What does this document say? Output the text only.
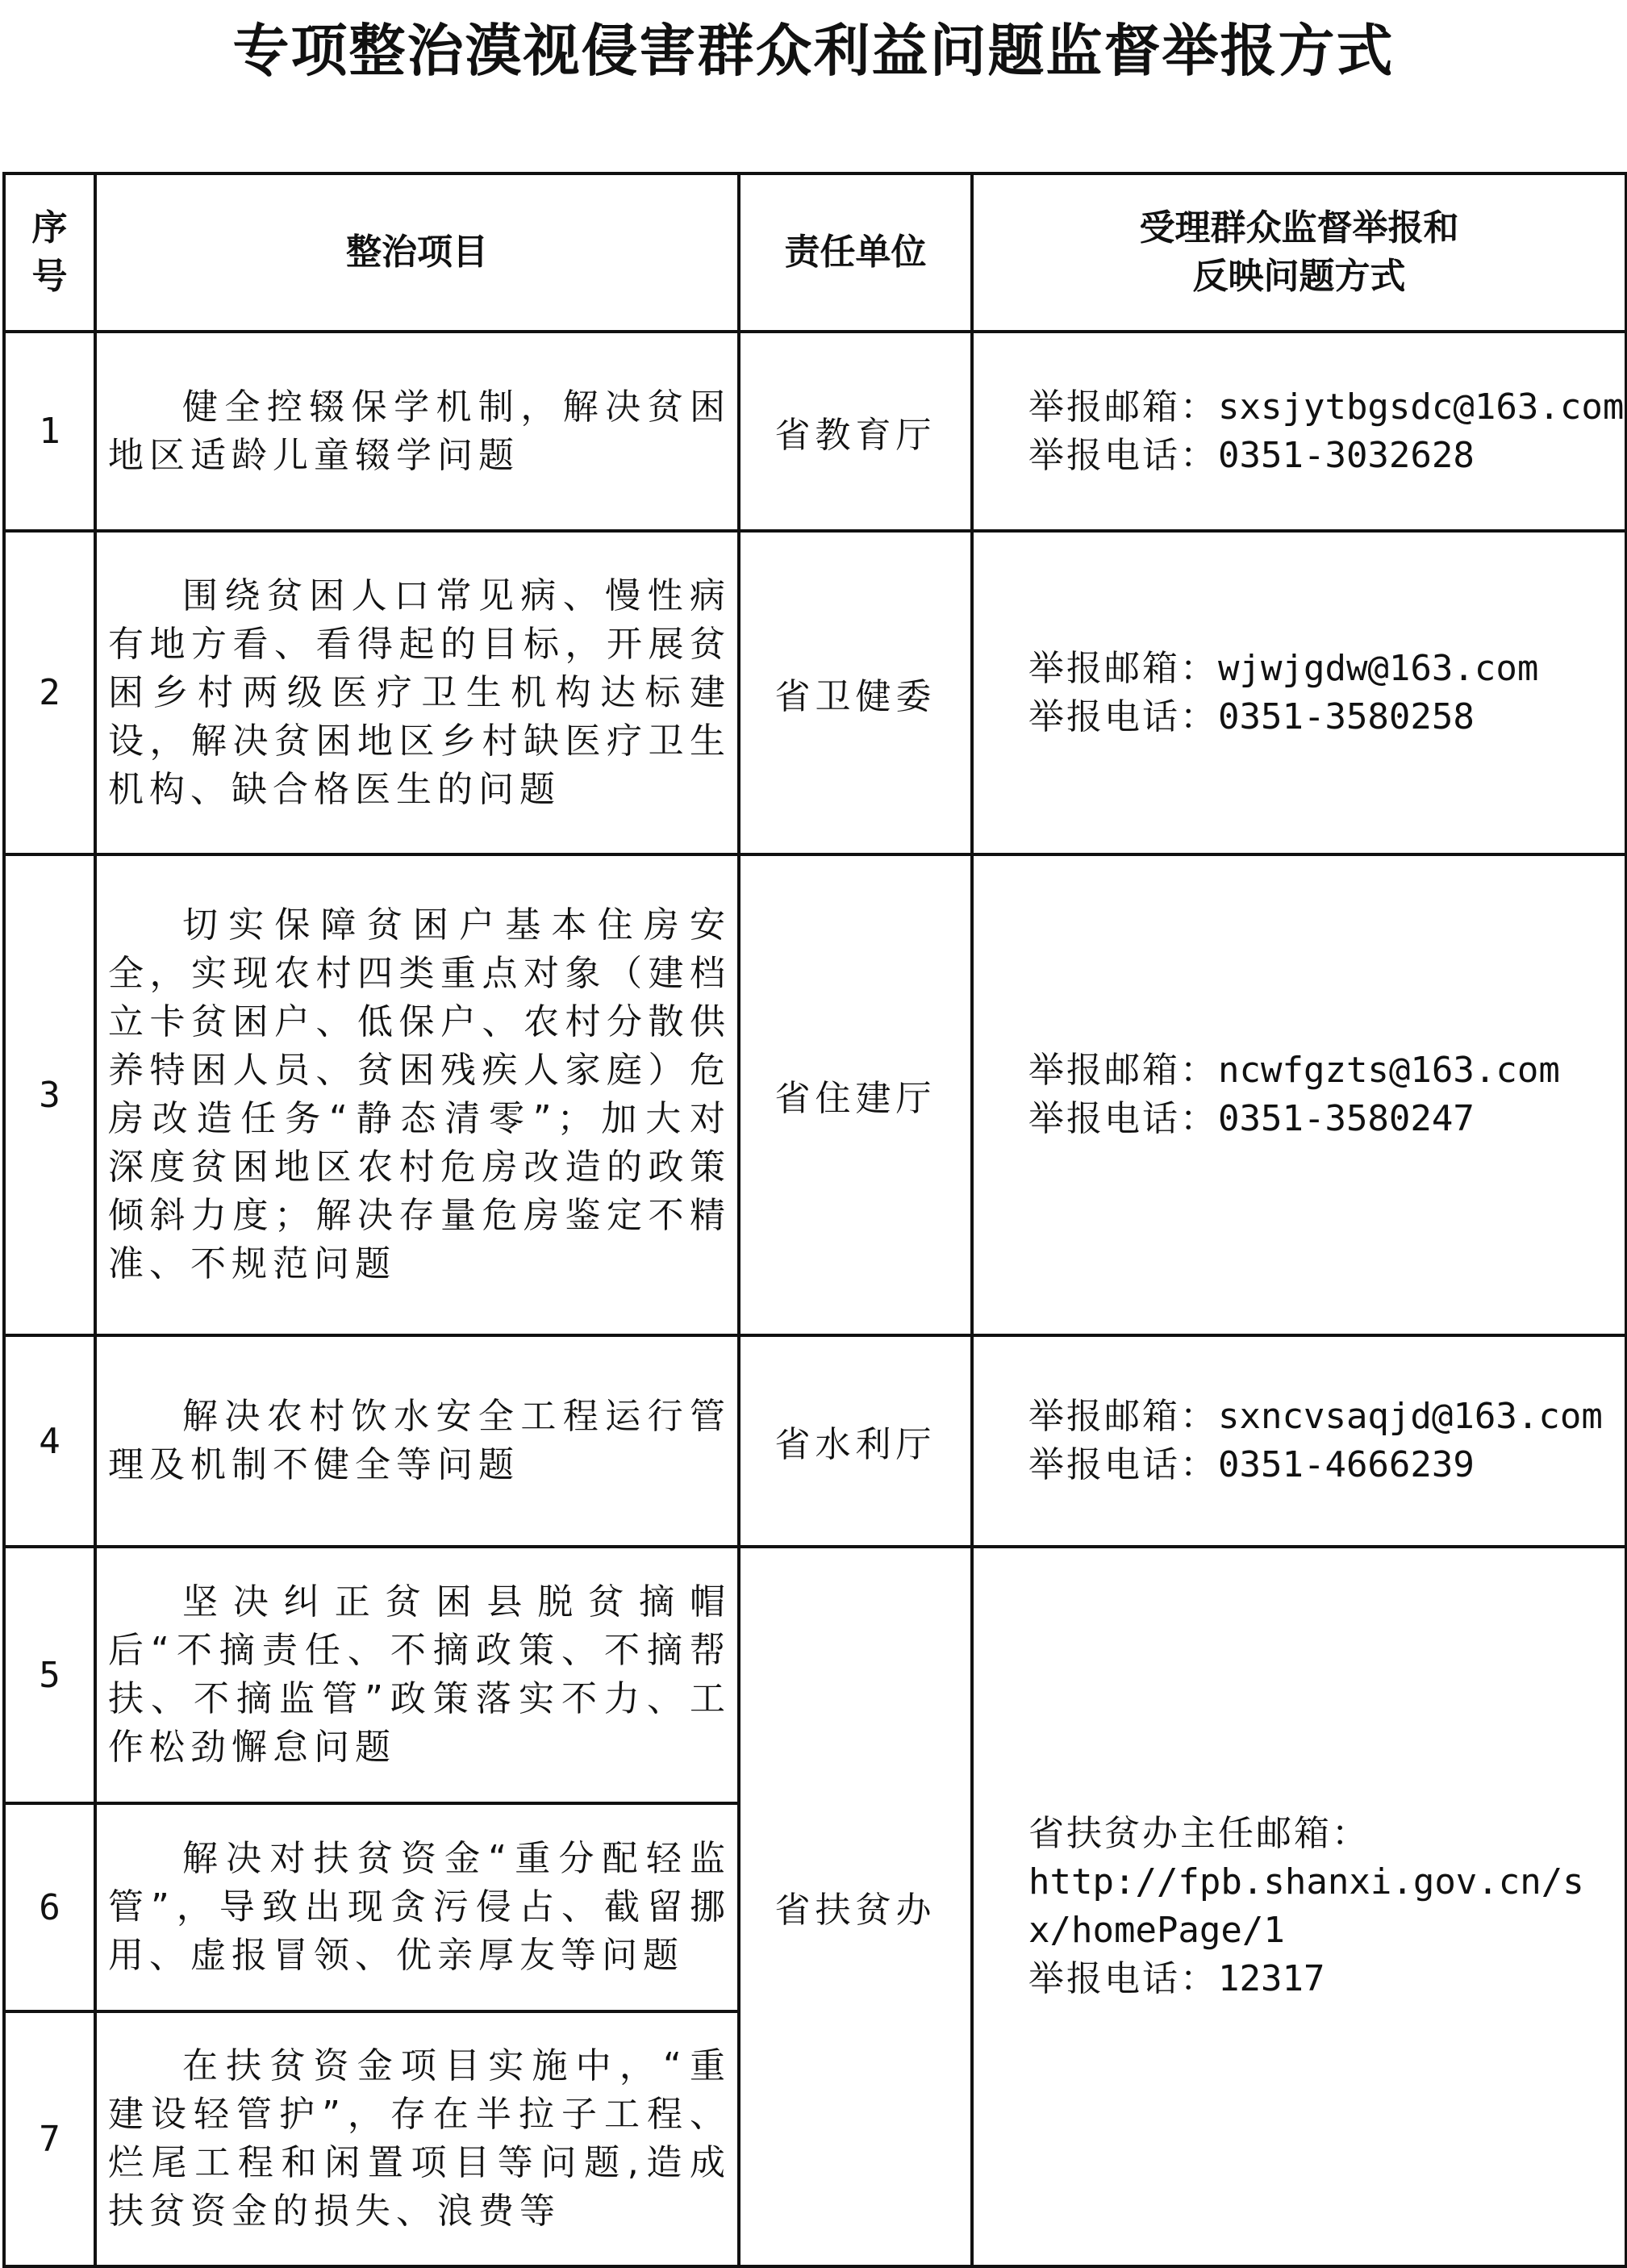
专项整治漠视侵害群众利益问题监督举报方式
序号	整治项目	责任单位	受理群众监督举报和
反映问题方式

1	健全控辍保学机制，解决贫困地区适龄儿童辍学问题	省教育厅	举报邮箱：sxsjytbgsdc@163.com
举报电话：0351-3032628

2	围绕贫困人口常见病、慢性病有地方看、看得起的目标，开展贫困乡村两级医疗卫生机构达标建设，解决贫困地区乡村缺医疗卫生机构、缺合格医生的问题	省卫健委	举报邮箱：wjwjgdw@163.com
举报电话：0351-3580258

3	切实保障贫困户基本住房安全，实现农村四类重点对象（建档立卡贫困户、低保户、农村分散供养特困人员、贫困残疾人家庭）危房改造任务“静态清零”；加大对深度贫困地区农村危房改造的政策倾斜力度；解决存量危房鉴定不精准、不规范问题	省住建厅	举报邮箱：ncwfgzts@163.com
举报电话：0351-3580247

4	解决农村饮水安全工程运行管理及机制不健全等问题	省水利厅	举报邮箱：sxncvsaqjd@163.com
举报电话：0351-4666239

5	坚决纠正贫困县脱贫摘帽后“不摘责任、不摘政策、不摘帮扶、不摘监管”政策落实不力、工作松劲懈怠问题	省扶贫办	省扶贫办主任邮箱：
http://fpb.shanxi.gov.cn/sx/homePage/1
举报电话：12317

6	解决对扶贫资金“重分配轻监管”，导致出现贪污侵占、截留挪用、虚报冒领、优亲厚友等问题		
7	在扶贫资金项目实施中，“重建设轻管护”，存在半拉子工程、烂尾工程和闲置项目等问题,造成扶贫资金的损失、浪费等		
